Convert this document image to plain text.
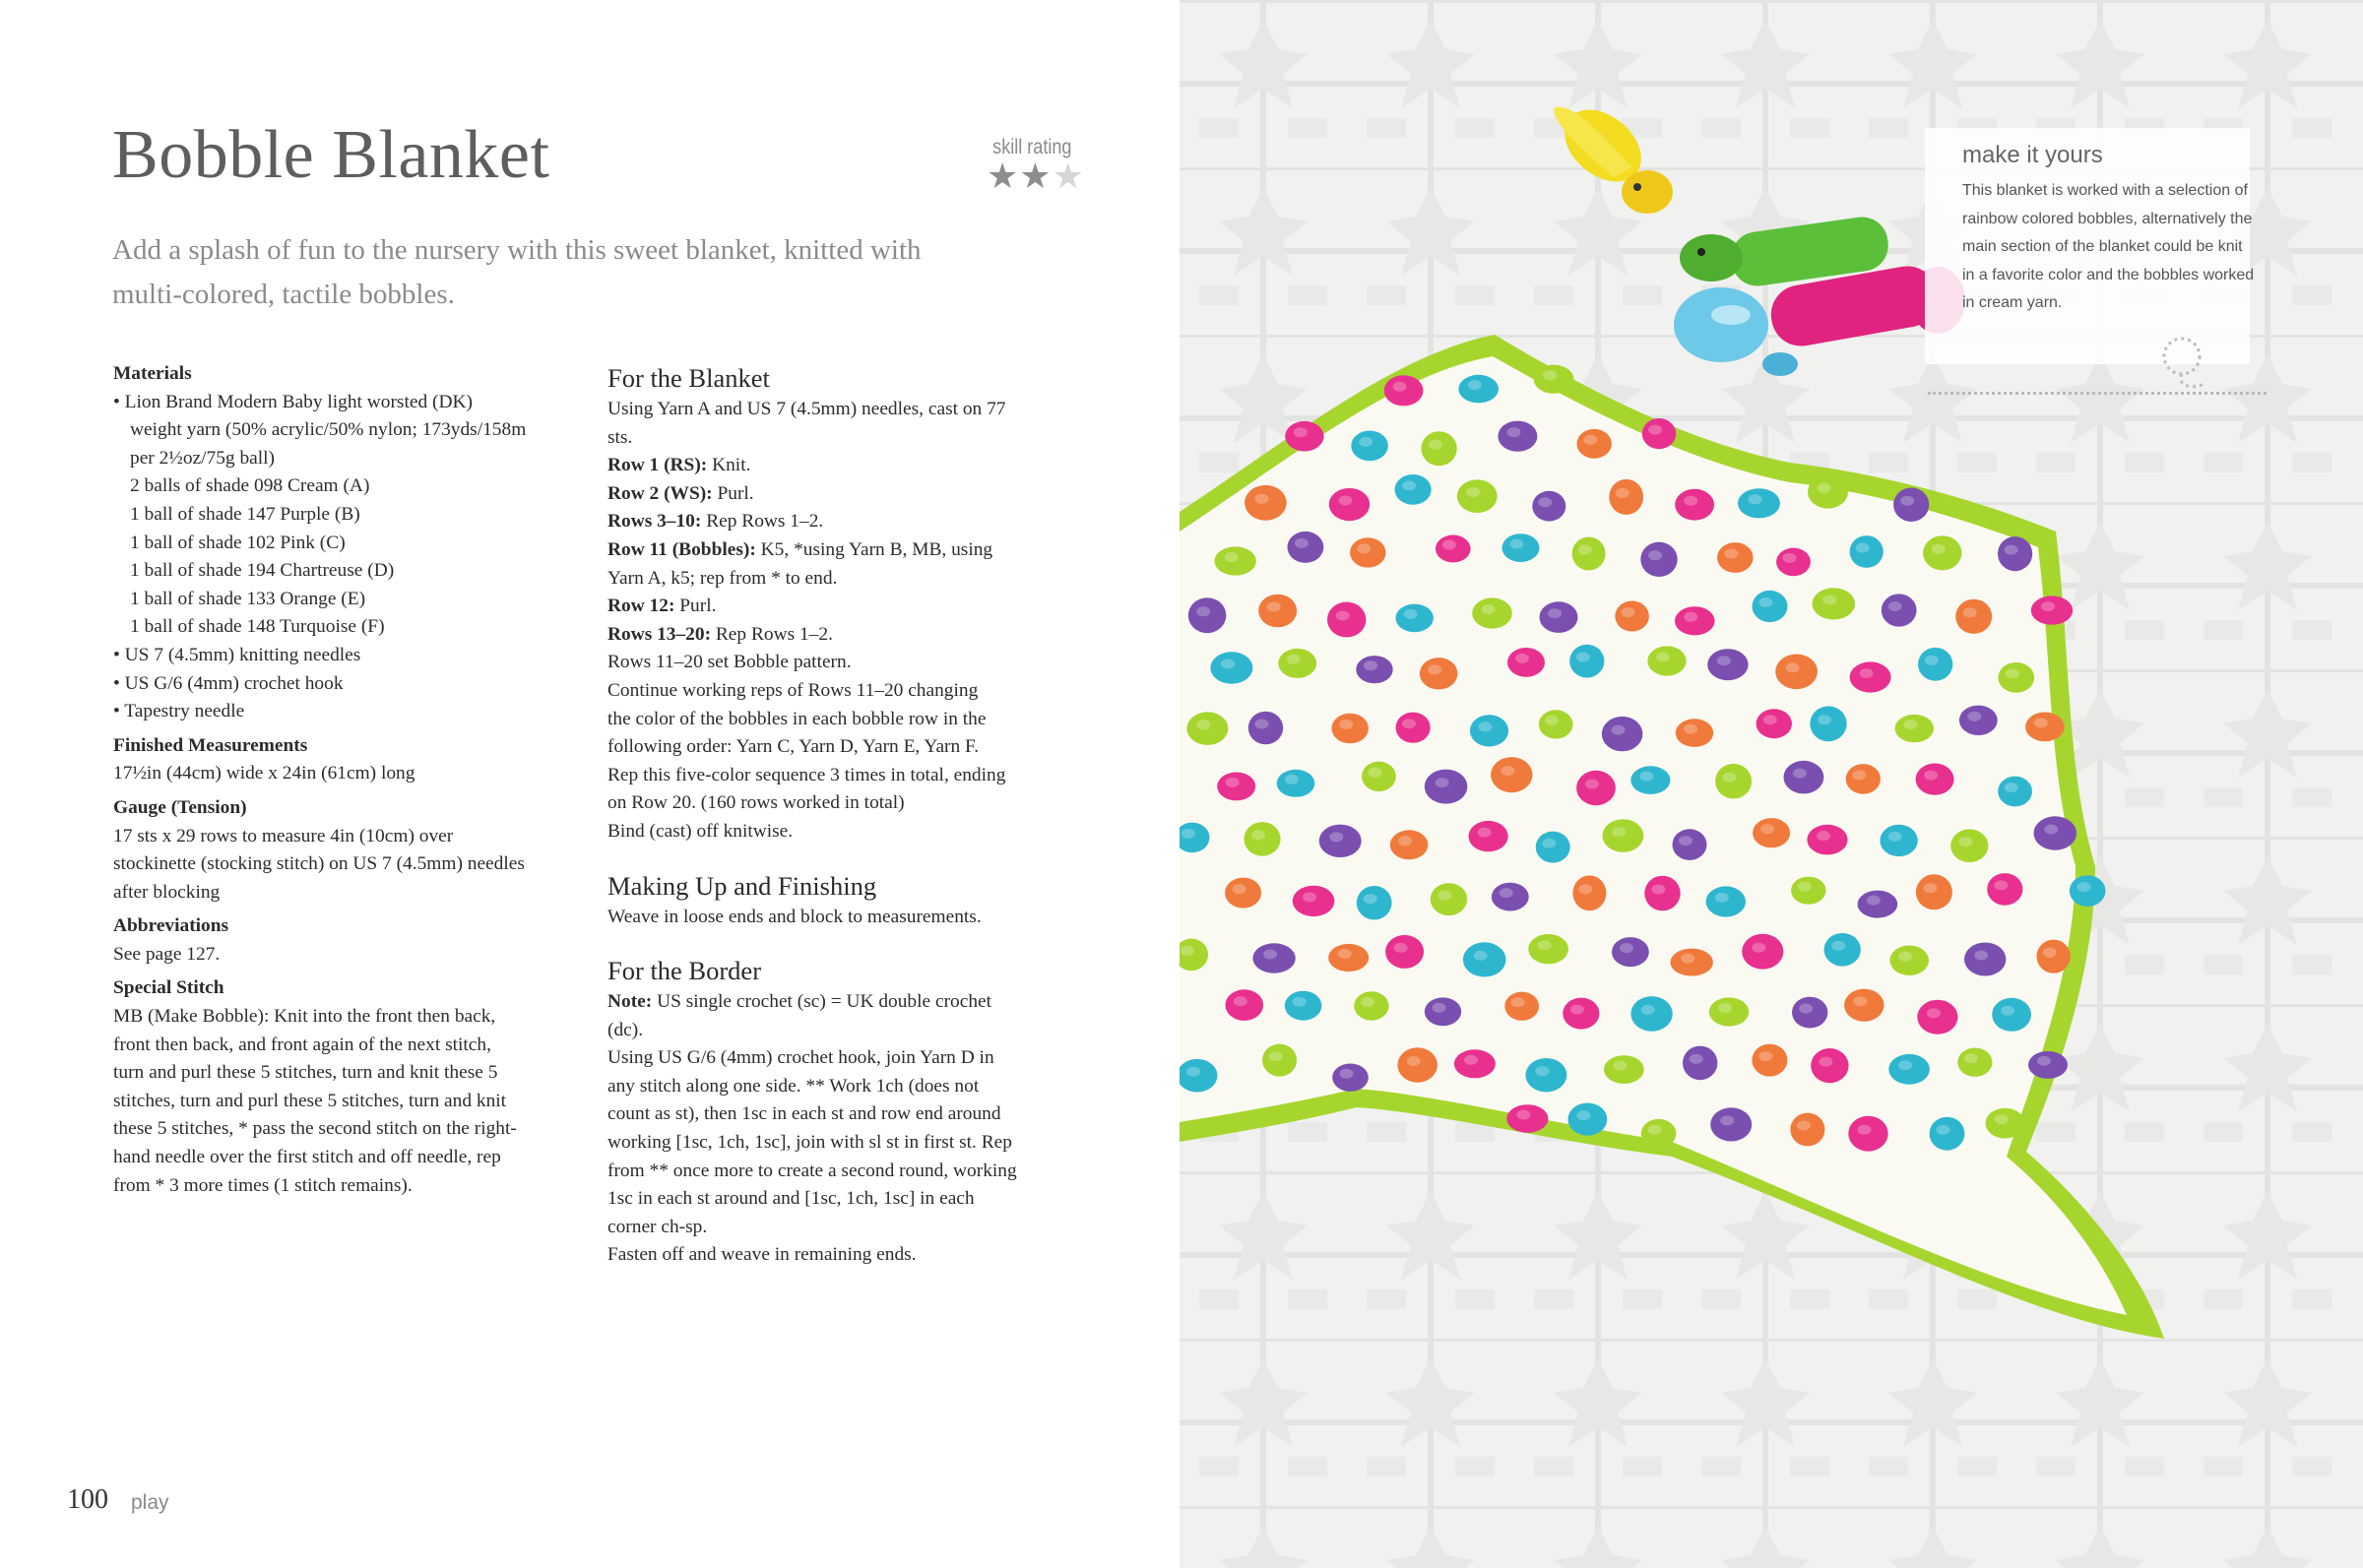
Bobble Blanket	skill rating
★★★

Add a splash of fun to the nursery with this sweet blanket, knitted with multi-colored, tactile bobbles.

Materials
• Lion Brand Modern Baby light worsted (DK)
weight yarn (50% acrylic/50% nylon; 173yds/158m
per 2½oz/75g ball)
2 balls of shade 098 Cream (A)
1 ball of shade 147 Purple (B)
1 ball of shade 102 Pink (C)
1 ball of shade 194 Chartreuse (D)
1 ball of shade 133 Orange (E)
1 ball of shade 148 Turquoise (F)
• US 7 (4.5mm) knitting needles
• US G/6 (4mm) crochet hook
• Tapestry needle
Finished Measurements
17½in (44cm) wide x 24in (61cm) long
Gauge (Tension)
17 sts x 29 rows to measure 4in (10cm) over
stockinette (stocking stitch) on US 7 (4.5mm) needles
after blocking
Abbreviations
See page 127.
Special Stitch
MB (Make Bobble): Knit into the front then back,
front then back, and front again of the next stitch,
turn and purl these 5 stitches, turn and knit these 5
stitches, turn and purl these 5 stitches, turn and knit
these 5 stitches, * pass the second stitch on the right-
hand needle over the first stitch and off needle, rep
from * 3 more times (1 stitch remains).
For the Blanket
Using Yarn A and US 7 (4.5mm) needles, cast on 77
sts.
Row 1 (RS): Knit.
Row 2 (WS): Purl.
Rows 3–10: Rep Rows 1–2.
Row 11 (Bobbles): K5, *using Yarn B, MB, using
Yarn A, k5; rep from * to end.
Row 12: Purl.
Rows 13–20: Rep Rows 1–2.
Rows 11–20 set Bobble pattern.
Continue working reps of Rows 11–20 changing
the color of the bobbles in each bobble row in the
following order: Yarn C, Yarn D, Yarn E, Yarn F.
Rep this five-color sequence 3 times in total, ending
on Row 20. (160 rows worked in total)
Bind (cast) off knitwise.
Making Up and Finishing
Weave in loose ends and block to measurements.
For the Border
Note: US single crochet (sc) = UK double crochet
(dc).
Using US G/6 (4mm) crochet hook, join Yarn D in
any stitch along one side. ** Work 1ch (does not
count as st), then 1sc in each st and row end around
working [1sc, 1ch, 1sc], join with sl st in first st. Rep
from ** once more to create a second round, working
1sc in each st around and [1sc, 1ch, 1sc] in each
corner ch-sp.
Fasten off and weave in remaining ends.
100 play
make it yours
This blanket is worked with a selection of
rainbow colored bobbles, alternatively the
main section of the blanket could be knit
in a favorite color and the bobbles worked
in cream yarn.
